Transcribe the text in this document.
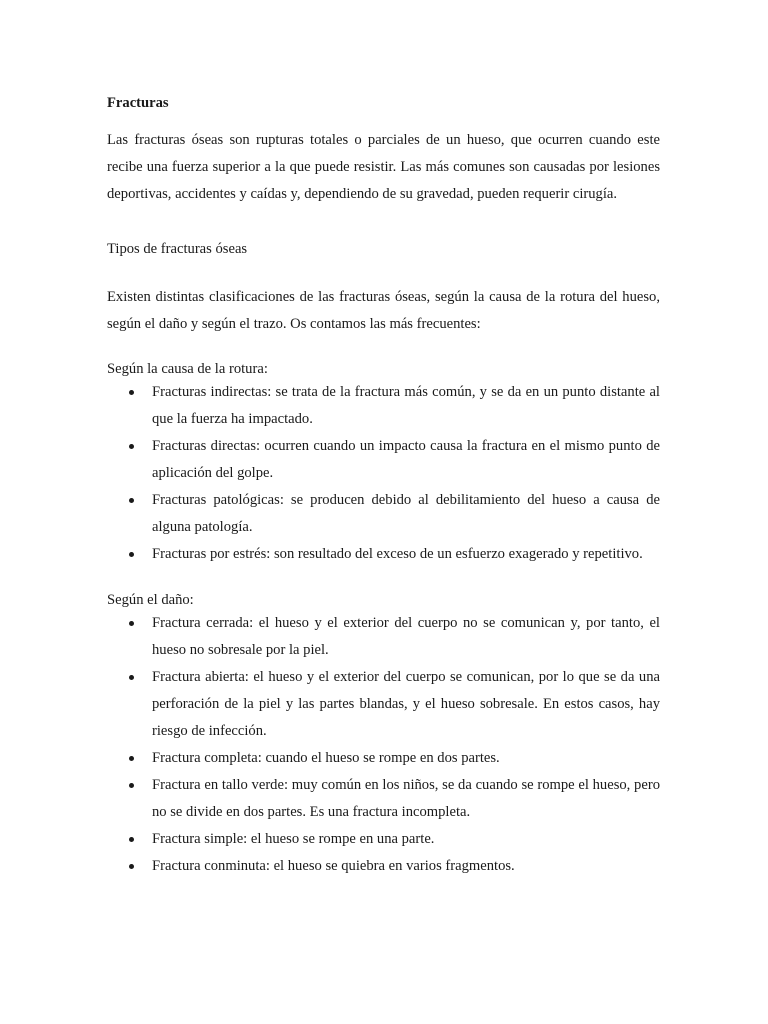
Fracturas

Las fracturas óseas son rupturas totales o parciales de un hueso, que ocurren cuando este recibe una fuerza superior a la que puede resistir. Las más comunes son causadas por lesiones deportivas, accidentes y caídas y, dependiendo de su gravedad, pueden requerir cirugía.

Tipos de fracturas óseas

Existen distintas clasificaciones de las fracturas óseas, según la causa de la rotura del hueso, según el daño y según el trazo. Os contamos las más frecuentes:

Según la causa de la rotura:

Fracturas indirectas: se trata de la fractura más común, y se da en un punto distante al que la fuerza ha impactado.
Fracturas directas: ocurren cuando un impacto causa la fractura en el mismo punto de aplicación del golpe.
Fracturas patológicas: se producen debido al debilitamiento del hueso a causa de alguna patología.
Fracturas por estrés: son resultado del exceso de un esfuerzo exagerado y repetitivo.

Según el daño:

Fractura cerrada: el hueso y el exterior del cuerpo no se comunican y, por tanto, el hueso no sobresale por la piel.
Fractura abierta: el hueso y el exterior del cuerpo se comunican, por lo que se da una perforación de la piel y las partes blandas, y el hueso sobresale. En estos casos, hay riesgo de infección.
Fractura completa: cuando el hueso se rompe en dos partes.
Fractura en tallo verde: muy común en los niños, se da cuando se rompe el hueso, pero no se divide en dos partes. Es una fractura incompleta.
Fractura simple: el hueso se rompe en una parte.
Fractura conminuta: el hueso se quiebra en varios fragmentos.
